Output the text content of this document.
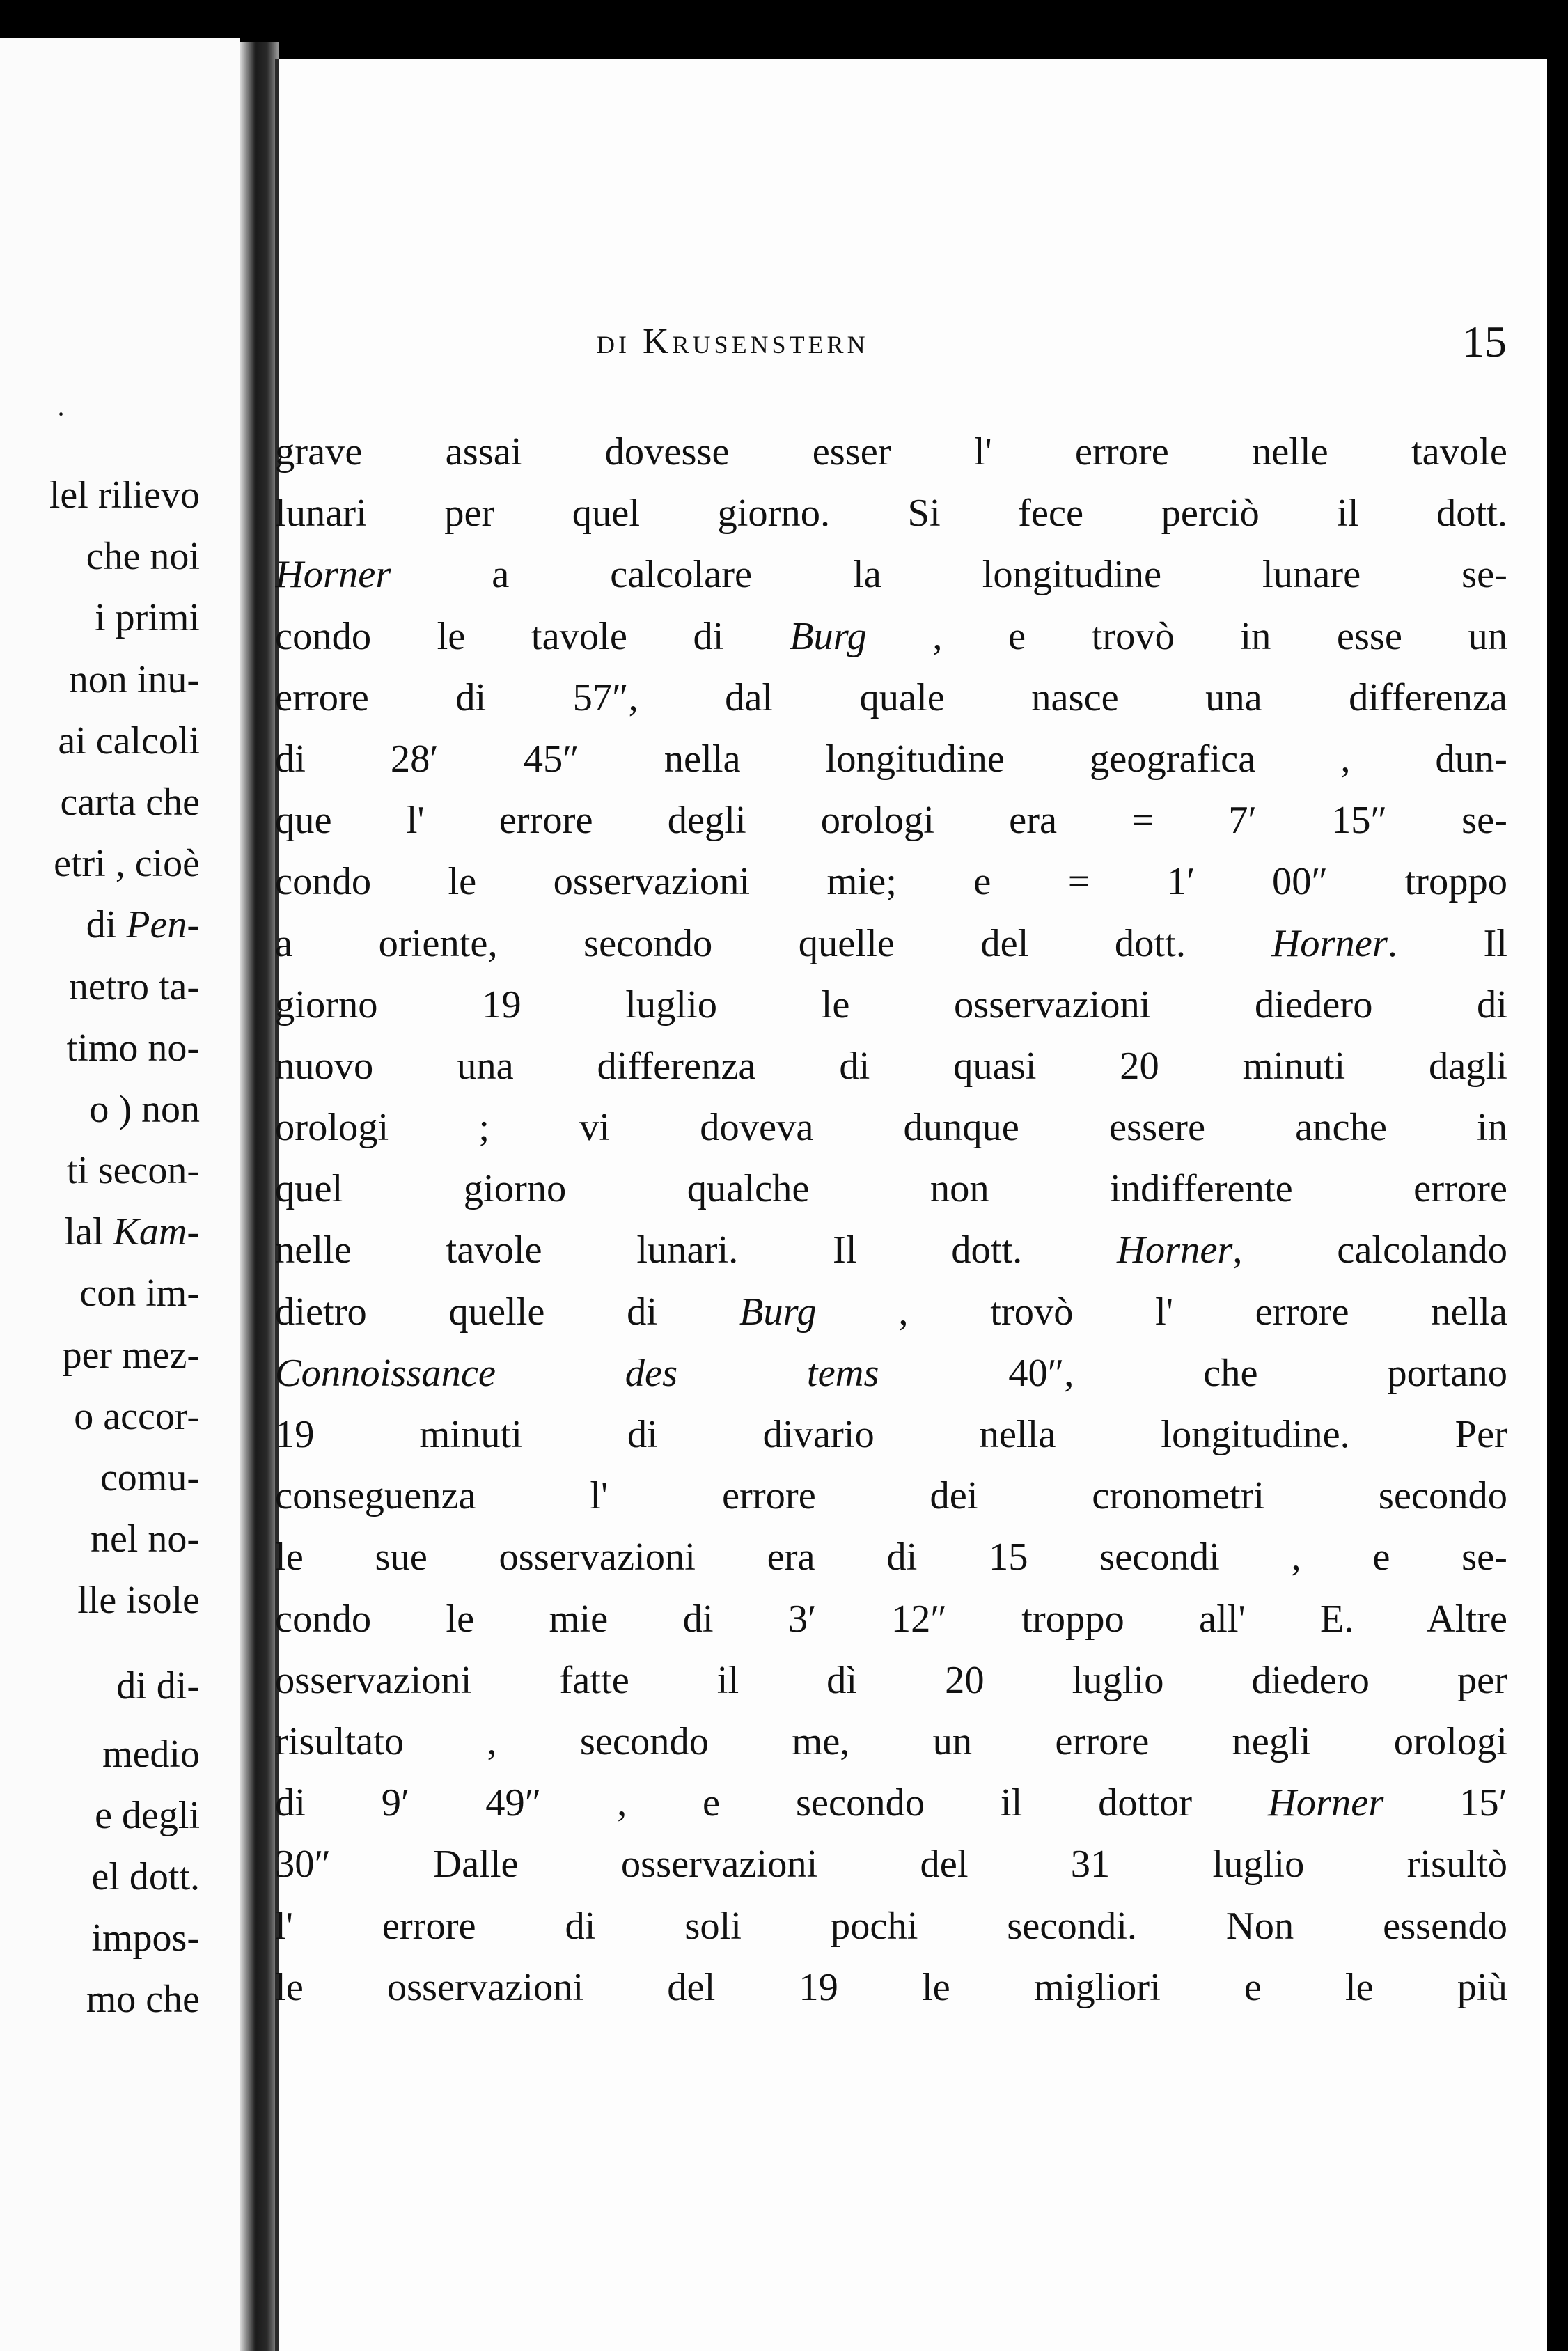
·
lel rilievo
che noi
i primi
non inu-
ai calcoli
carta che
etri , cioè
di Pen-
netro ta-
timo no-
o ) non
ti secon-
lal Kam-
con im-
per mez-
o accor-
comu-
nel no-
lle isole
di di-
medio
e degli
el dott.
impos-
mo che
di Krusenstern	15
grave assai dovesse esser l' errore nelle tavole
lunari per quel giorno. Si fece perciò il dott.
Horner a calcolare la longitudine lunare se-
condo le tavole di Burg , e trovò in esse un
errore di 57″, dal quale nasce una differenza
di 28′ 45″ nella longitudine geografica , dun-
que l' errore degli orologi era = 7′ 15″ se-
condo le osservazioni mie; e = 1′ 00″ troppo
a oriente, secondo quelle del dott. Horner. Il
giorno 19 luglio le osservazioni diedero di
nuovo una differenza di quasi 20 minuti dagli
orologi ; vi doveva dunque essere anche in
quel giorno qualche non indifferente errore
nelle tavole lunari. Il dott. Horner, calcolando
dietro quelle di Burg , trovò l' errore nella
Connoissance des tems 40″, che portano
19 minuti di divario nella longitudine. Per
conseguenza l' errore dei cronometri secondo
le sue osservazioni era di 15 secondi , e se-
condo le mie di 3′ 12″ troppo all' E. Altre
osservazioni fatte il dì 20 luglio diedero per
risultato , secondo me, un errore negli orologi
di 9′ 49″ , e secondo il dottor Horner 15′
30″ Dalle osservazioni del 31 luglio risultò
l' errore di soli pochi secondi. Non essendo
le osservazioni del 19 le migliori e le più
